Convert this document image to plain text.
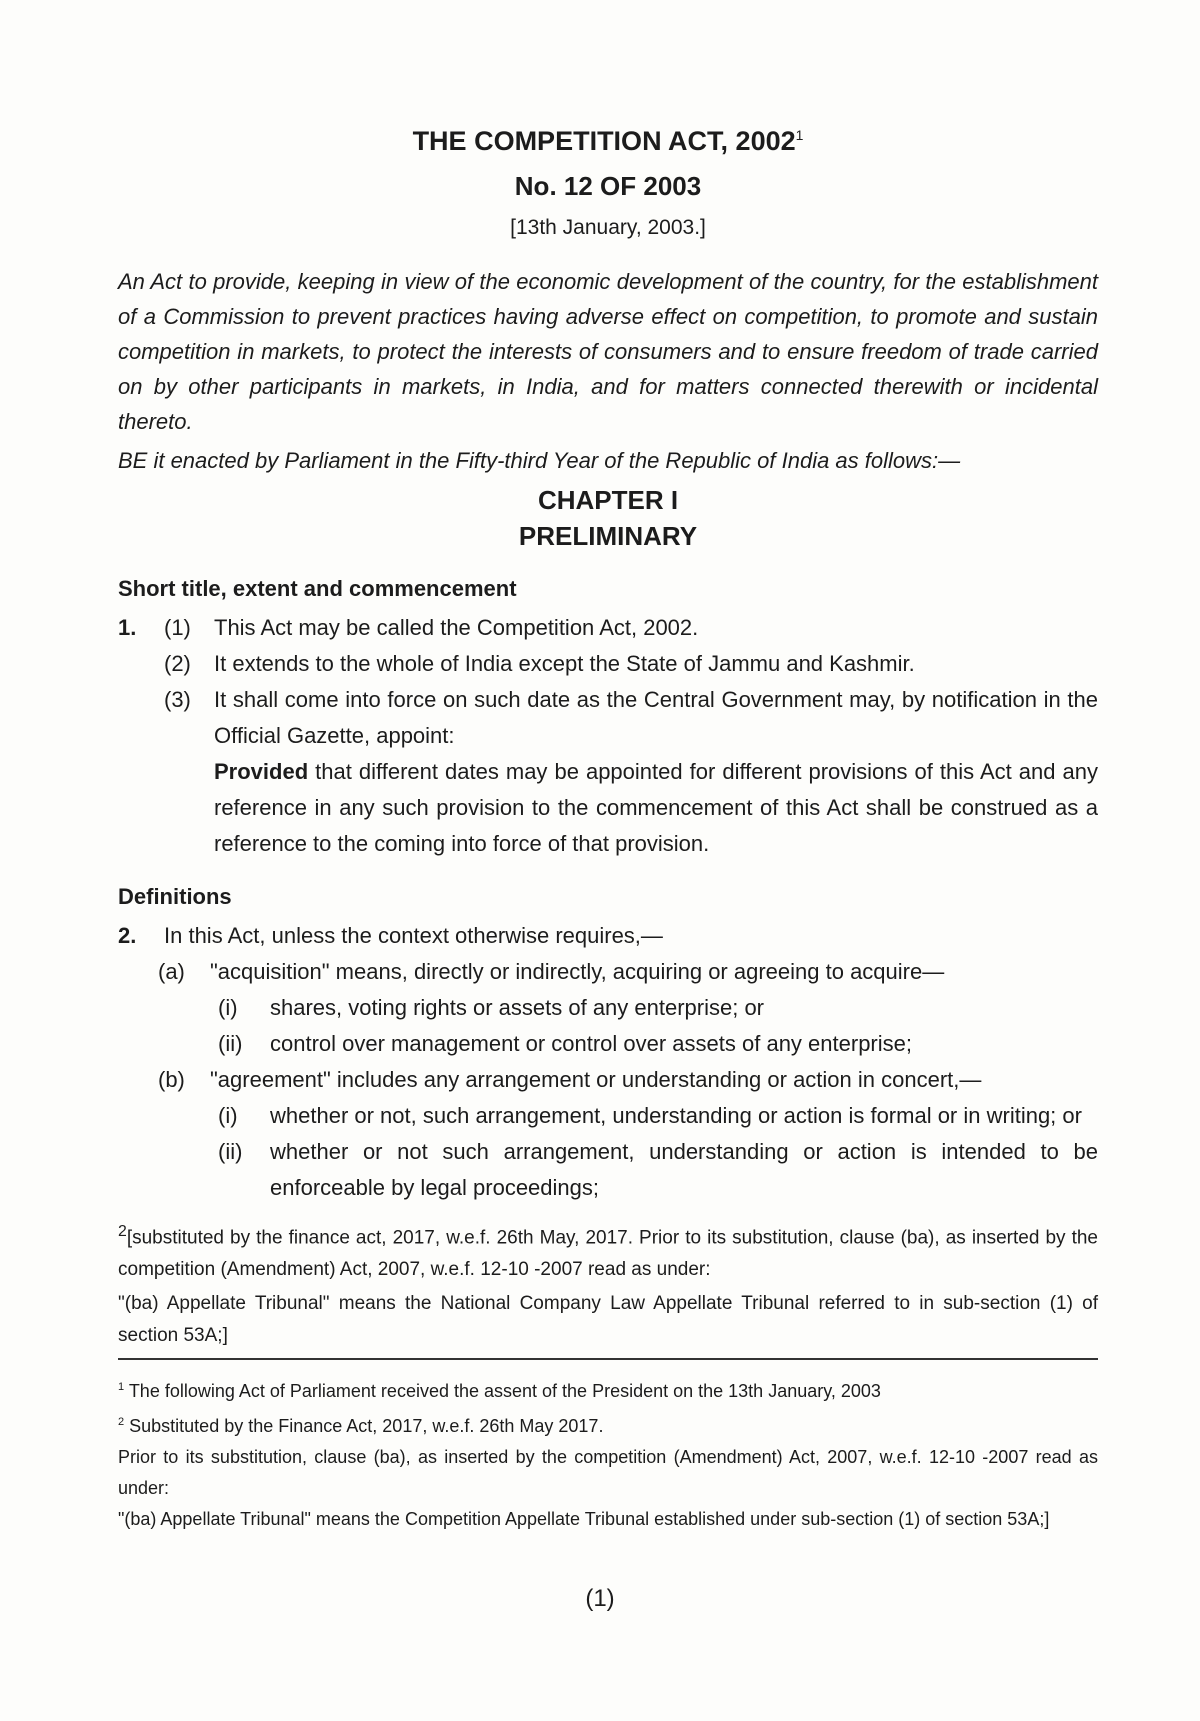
THE COMPETITION ACT, 2002$^1$
No. 12 OF 2003
[13th January, 2003.]

An Act to provide, keeping in view of the economic development of the country, for the establishment of a Commission to prevent practices having adverse effect on competition, to promote and sustain competition in markets, to protect the interests of consumers and to ensure freedom of trade carried on by other participants in markets, in India, and for matters connected therewith or incidental thereto.

BE it enacted by Parliament in the Fifty-third Year of the Republic of India as follows:—

CHAPTER I
PRELIMINARY
Short title, extent and commencement
1.	(1)	This Act may be called the Competition Act, 2002.
(2)	It extends to the whole of India except the State of Jammu and Kashmir.
(3)	It shall come into force on such date as the Central Government may, by notification in the Official Gazette, appoint:
Provided that different dates may be appointed for different provisions of this Act and any reference in any such provision to the commencement of this Act shall be construed as a reference to the coming into force of that provision.
Definitions
2.	In this Act, unless the context otherwise requires,—
(a)	"acquisition" means, directly or indirectly, acquiring or agreeing to acquire—
(i)	shares, voting rights or assets of any enterprise; or
(ii)	control over management or control over assets of any enterprise;
(b)	"agreement" includes any arrangement or understanding or action in concert,—
(i)	whether or not, such arrangement, understanding or action is formal or in writing; or
(ii)	whether or not such arrangement, understanding or action is intended to be enforceable by legal proceedings;

$^2$[substituted by the finance act, 2017, w.e.f. 26th May, 2017. Prior to its substitution, clause (ba), as inserted by the competition (Amendment) Act, 2007, w.e.f. 12-10 -2007 read as under:

"(ba) Appellate Tribunal" means the National Company Law Appellate Tribunal referred to in sub-section (1) of section 53A;]

$^1$ The following Act of Parliament received the assent of the President on the 13th January, 2003

$^2$ Substituted by the Finance Act, 2017, w.e.f. 26th May 2017.

Prior to its substitution, clause (ba), as inserted by the competition (Amendment) Act, 2007, w.e.f. 12-10 -2007 read as under:

"(ba) Appellate Tribunal" means the Competition Appellate Tribunal established under sub-section (1) of section 53A;]

(1)
